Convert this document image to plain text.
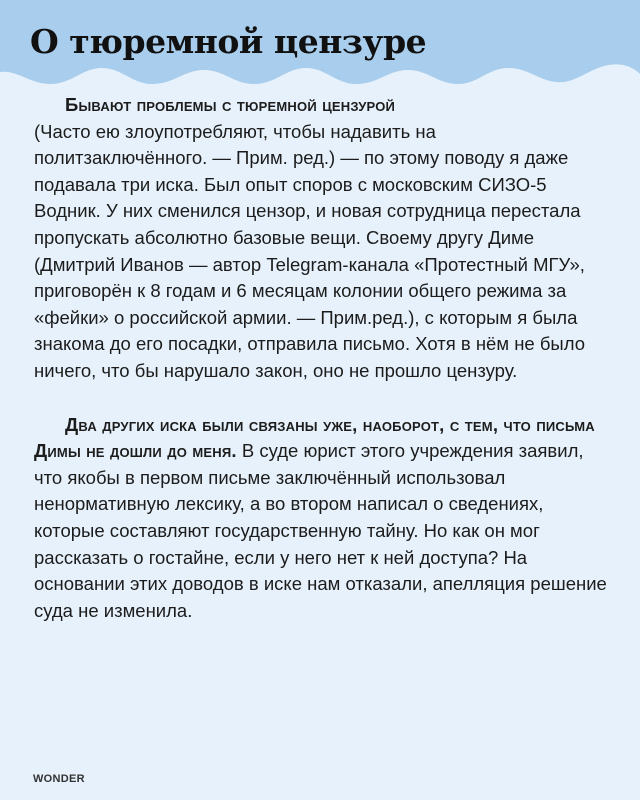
О тюремной цензуре

Бывают проблемы с тюремной цензурой
(Часто ею злоупотребляют, чтобы надавить на политзаключённого. — Прим. ред.) — по этому поводу я даже подавала три иска. Был опыт споров с московским СИЗО-5 Водник. У них сменился цензор, и новая сотрудница перестала пропускать абсолютно базовые вещи. Своему другу Диме (Дмитрий Иванов — автор Telegram-канала «Протестный МГУ», приговорён к 8 годам и 6 месяцам колонии общего режима за «фейки» о российской армии. — Прим.ред.), с которым я была знакома до его посадки, отправила письмо. Хотя в нём не было ничего, что бы нарушало закон, оно не прошло цензуру.

Два других иска были связаны уже, наоборот, с тем, что письма Димы не дошли до меня. В суде юрист этого учреждения заявил, что якобы в первом письме заключённый использовал ненормативную лексику, а во втором написал о сведениях, которые составляют государственную тайну. Но как он мог рассказать о гостайне, если у него нет к ней доступа? На основании этих доводов в иске нам отказали, апелляция решение суда не изменила.

WONDER
